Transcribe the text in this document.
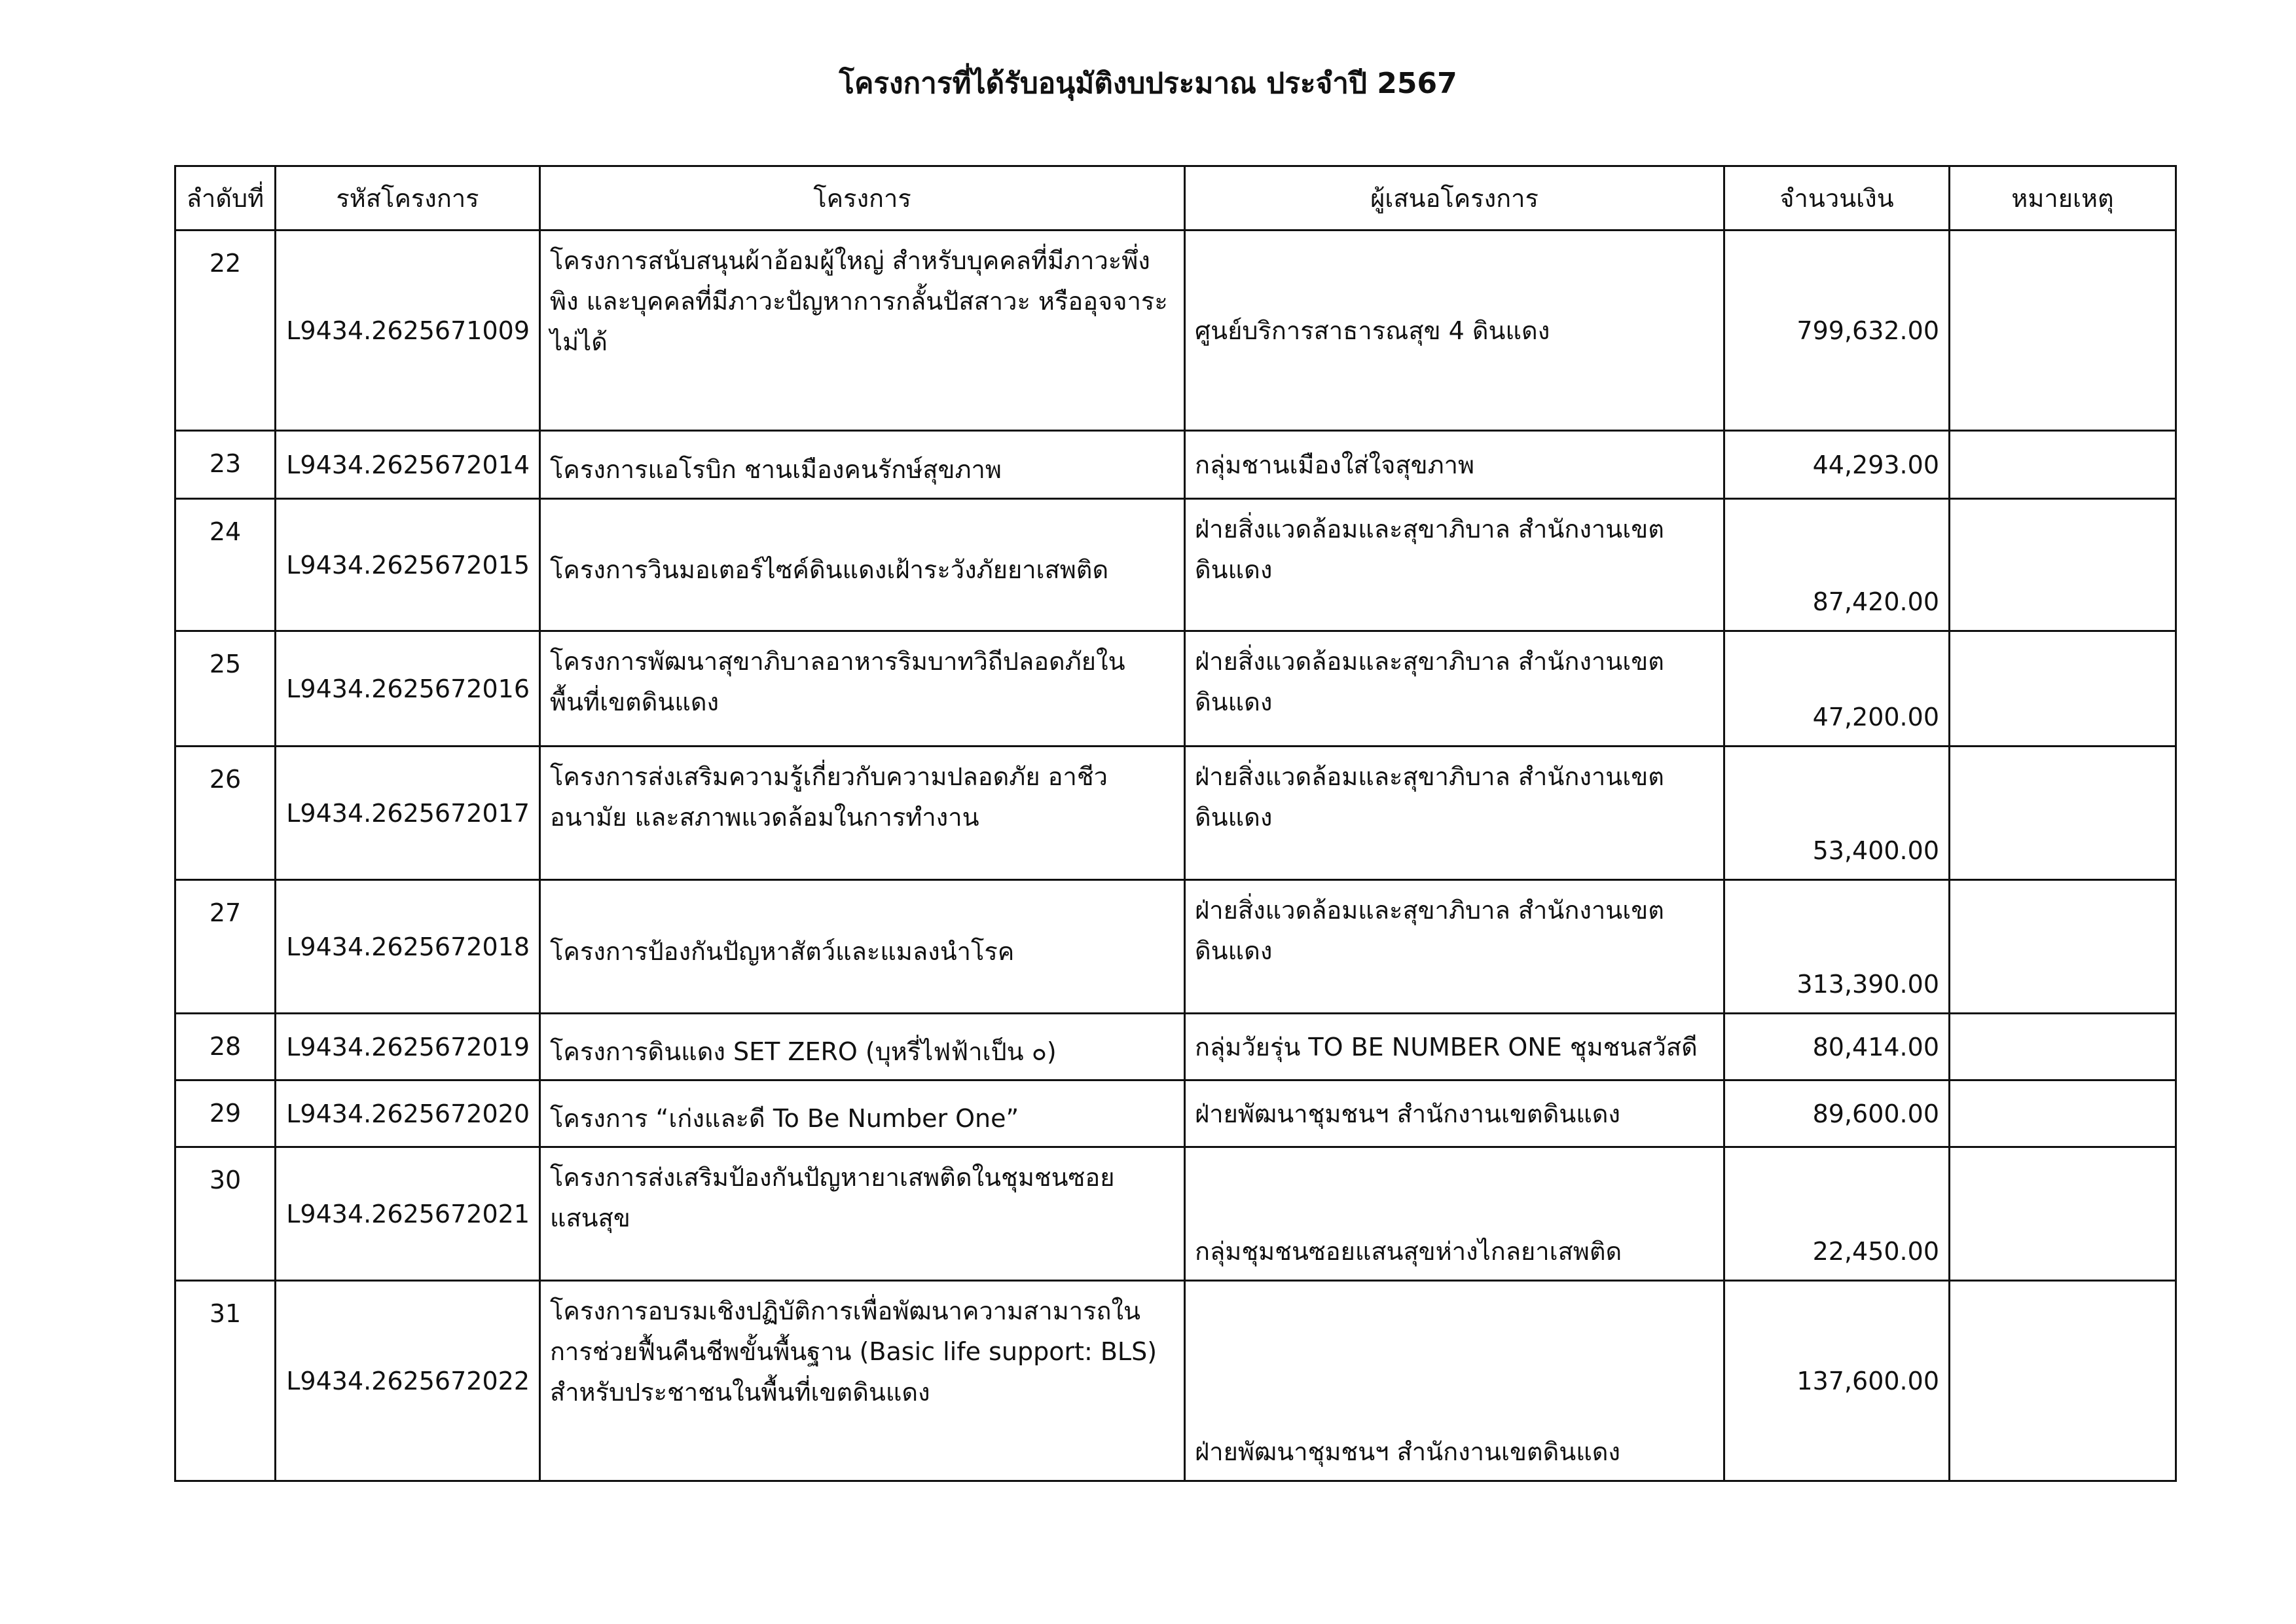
โครงการที่ได้รับอนุมัติงบประมาณ ประจำปี 2567
ลำดับที่	รหัสโครงการ	โครงการ	ผู้เสนอโครงการ	จำนวนเงิน	หมายเหตุ
22	L9434.2625671009	โครงการสนับสนุนผ้าอ้อมผู้ใหญ่ สำหรับบุคคลที่มีภาวะพึ่งพิง และบุคคลที่มีภาวะปัญหาการกลั้นปัสสาวะ หรืออุจจาระ ไม่ได้	ศูนย์บริการสาธารณสุข 4 ดินแดง	799,632.00	
23	L9434.2625672014	โครงการแอโรบิก ชานเมืองคนรักษ์สุขภาพ	กลุ่มชานเมืองใส่ใจสุขภาพ	44,293.00	
24	L9434.2625672015	โครงการวินมอเตอร์ไซค์ดินแดงเฝ้าระวังภัยยาเสพติด	ฝ่ายสิ่งแวดล้อมและสุขาภิบาล สำนักงานเขตดินแดง	87,420.00	
25	L9434.2625672016	โครงการพัฒนาสุขาภิบาลอาหารริมบาทวิถีปลอดภัยในพื้นที่เขตดินแดง	ฝ่ายสิ่งแวดล้อมและสุขาภิบาล สำนักงานเขตดินแดง	47,200.00	
26	L9434.2625672017	โครงการส่งเสริมความรู้เกี่ยวกับความปลอดภัย อาชีวอนามัย และสภาพแวดล้อมในการทำงาน	ฝ่ายสิ่งแวดล้อมและสุขาภิบาล สำนักงานเขตดินแดง	53,400.00	
27	L9434.2625672018	โครงการป้องกันปัญหาสัตว์และแมลงนำโรค	ฝ่ายสิ่งแวดล้อมและสุขาภิบาล สำนักงานเขตดินแดง	313,390.00	
28	L9434.2625672019	โครงการดินแดง SET ZERO (บุหรี่ไฟฟ้าเป็น ๐)	กลุ่มวัยรุ่น TO BE NUMBER ONE ชุมชนสวัสดี	80,414.00	
29	L9434.2625672020	โครงการ “เก่งและดี To Be Number One”	ฝ่ายพัฒนาชุมชนฯ สำนักงานเขตดินแดง	89,600.00	
30	L9434.2625672021	โครงการส่งเสริมป้องกันปัญหายาเสพติดในชุมชนซอยแสนสุข	กลุ่มชุมชนซอยแสนสุขห่างไกลยาเสพติด	22,450.00	
31	L9434.2625672022	โครงการอบรมเชิงปฏิบัติการเพื่อพัฒนาความสามารถในการช่วยฟื้นคืนชีพขั้นพื้นฐาน (Basic life support: BLS) สำหรับประชาชนในพื้นที่เขตดินแดง	ฝ่ายพัฒนาชุมชนฯ สำนักงานเขตดินแดง	137,600.00	
